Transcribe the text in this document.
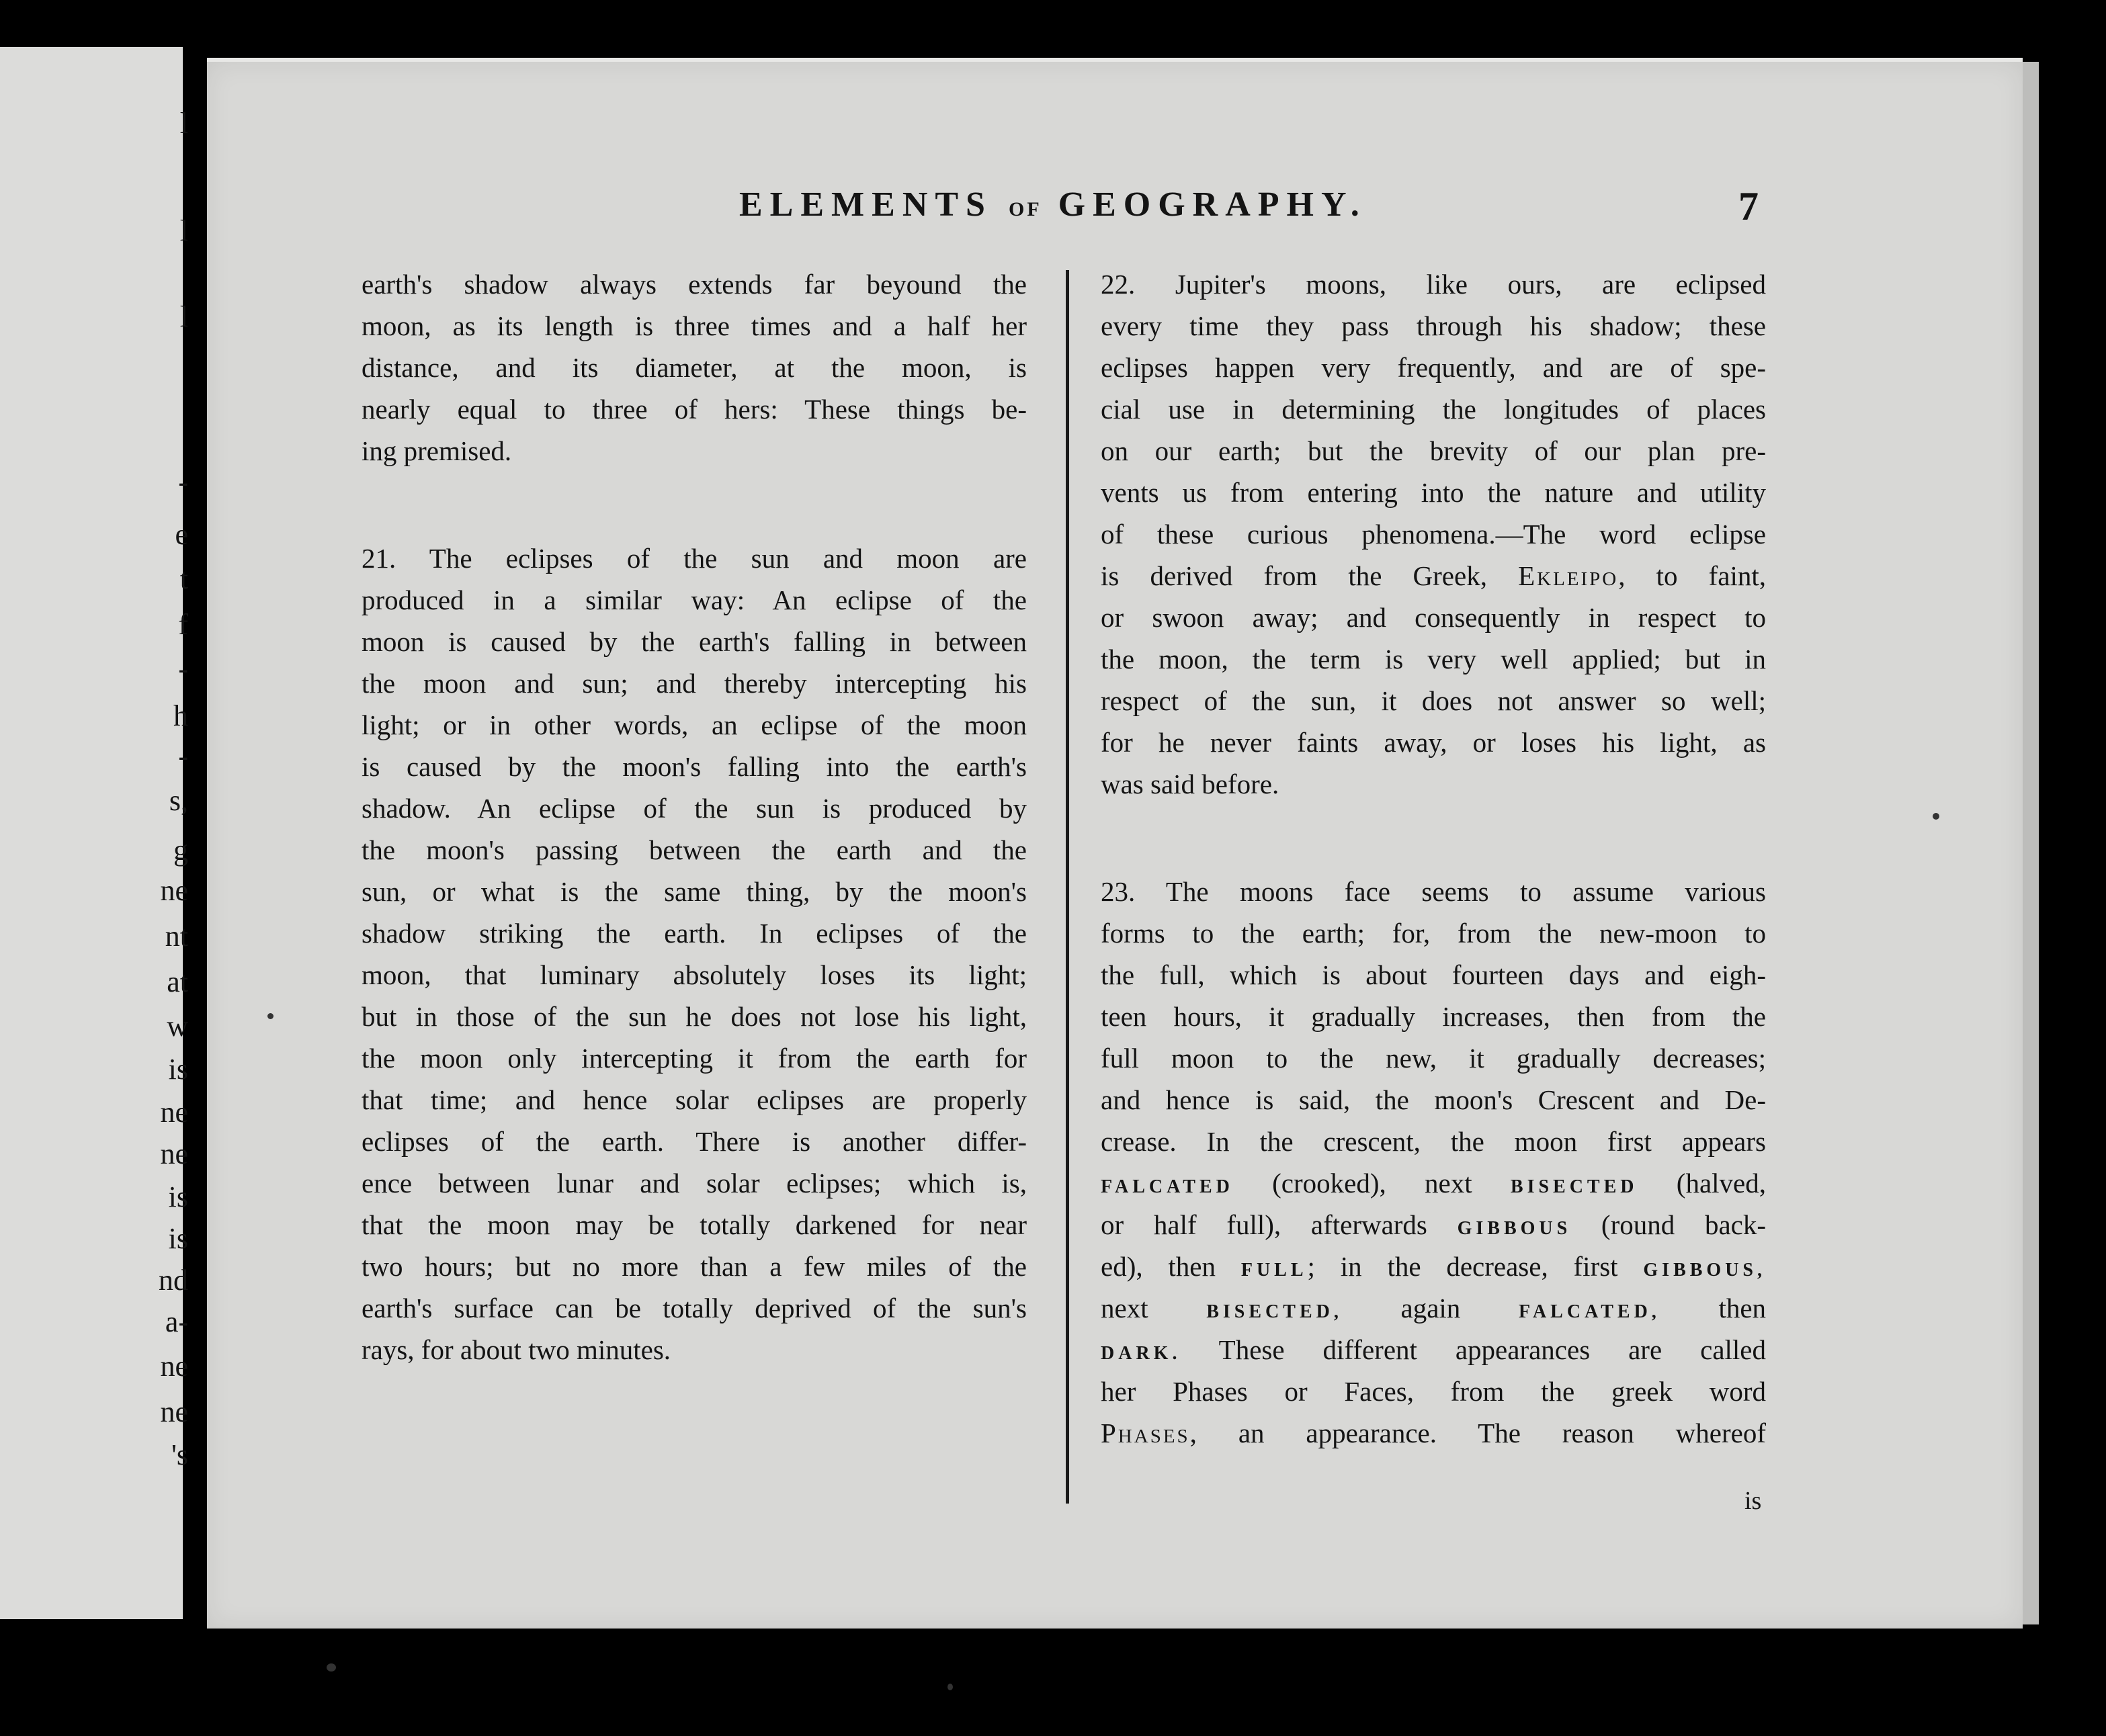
l
l
l
-
e
t
f
-
h
-
s,
g
ne
nt
at
w
is
ne
ne
is
is
nd
a-
ne
ne
's
ELEMENTS OF GEOGRAPHY.	7
earth's shadow always extends far beyound the
moon, as its length is three times and a half her
distance, and its diameter, at the moon, is
nearly equal to three of hers: These things be-
ing premised.
21. The eclipses of the sun and moon are
produced in a similar way: An eclipse of the
moon is caused by the earth's falling in between
the moon and sun; and thereby intercepting his
light; or in other words, an eclipse of the moon
is caused by the moon's falling into the earth's
shadow. An eclipse of the sun is produced by
the moon's passing between the earth and the
sun, or what is the same thing, by the moon's
shadow striking the earth. In eclipses of the
moon, that luminary absolutely loses its light;
but in those of the sun he does not lose his light,
the moon only intercepting it from the earth for
that time; and hence solar eclipses are properly
eclipses of the earth. There is another differ-
ence between lunar and solar eclipses; which is,
that the moon may be totally darkened for near
two hours; but no more than a few miles of the
earth's surface can be totally deprived of the sun's
rays, for about two minutes.
22. Jupiter's moons, like ours, are eclipsed
every time they pass through his shadow; these
eclipses happen very frequently, and are of spe-
cial use in determining the longitudes of places
on our earth; but the brevity of our plan pre-
vents us from entering into the nature and utility
of these curious phenomena.—The word eclipse
is derived from the Greek, Ekleipo, to faint,
or swoon away; and consequently in respect to
the moon, the term is very well applied; but in
respect of the sun, it does not answer so well;
for he never faints away, or loses his light, as
was said before.
23. The moons face seems to assume various
forms to the earth; for, from the new-moon to
the full, which is about fourteen days and eigh-
teen hours, it gradually increases, then from the
full moon to the new, it gradually decreases;
and hence is said, the moon's Crescent and De-
crease. In the crescent, the moon first appears
FALCATED (crooked), next BISECTED (halved,
or half full), afterwards GIBBOUS (round back-
ed), then FULL; in the decrease, first GIBBOUS,
next	BISECTED, again	FALCATED, then
DARK. These different appearances are called
her Phases or Faces, from the greek word
Phases, an appearance. The reason whereof
is
